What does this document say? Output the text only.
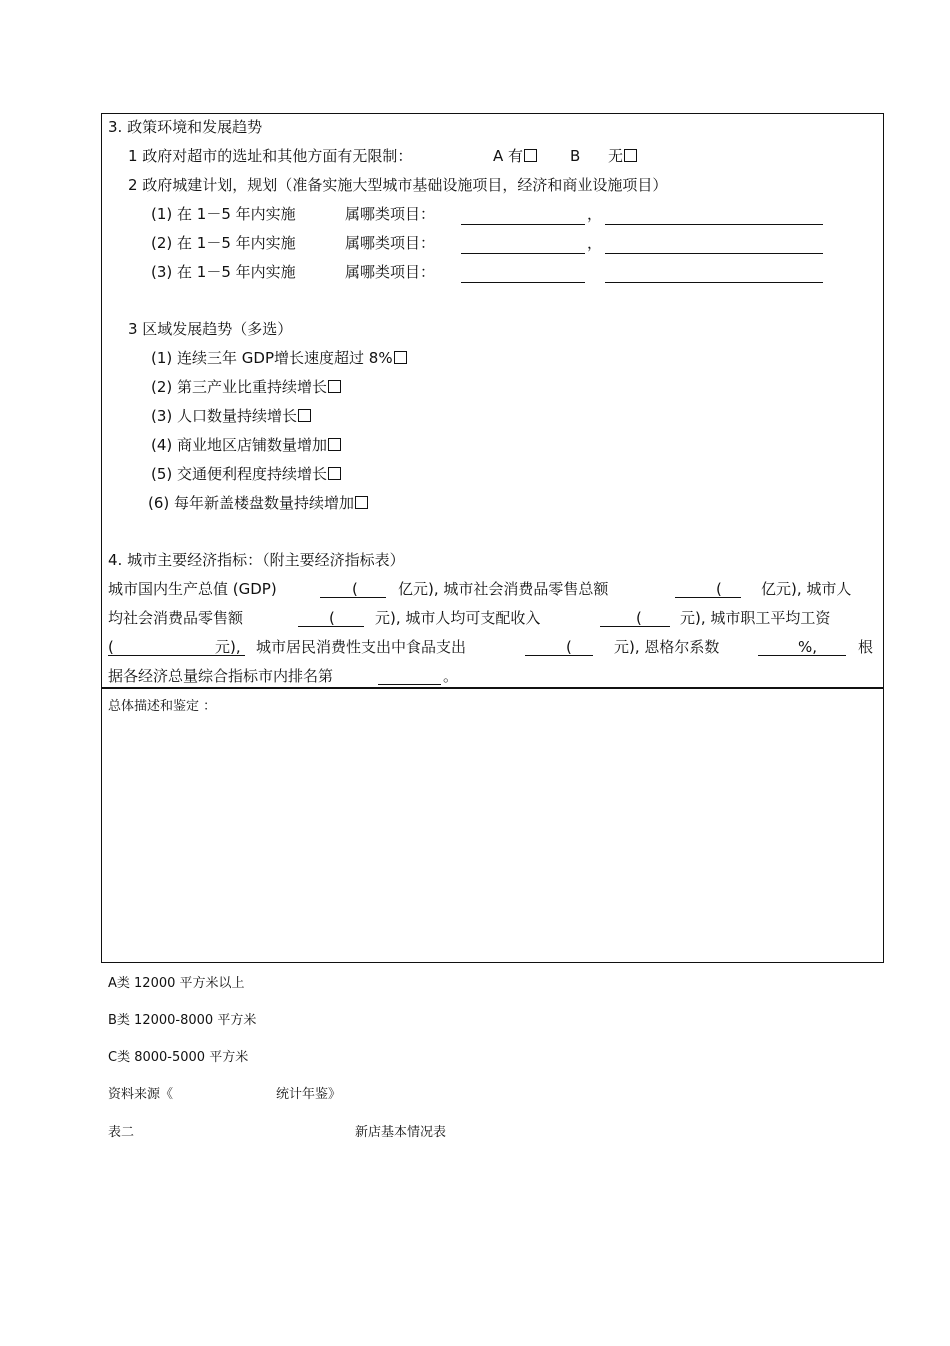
3. 政策环境和发展趋势
1 政府对超市的选址和其他方面有无限制：	A 有	B 无
2 政府城建计划，规划（准备实施大型城市基础设施项目，经济和商业设施项目）
(1) 在 1－5 年内实施	属哪类项目：	，
(2) 在 1－5 年内实施	属哪类项目：	，
(3) 在 1－5 年内实施	属哪类项目：
3 区域发展趋势（多选）
(1) 连续三年 GDP增长速度超过 8%
(2) 第三产业比重持续增长
(3) 人口数量持续增长
(4) 商业地区店铺数量增加
(5) 交通便利程度持续增长
(6) 每年新盖楼盘数量持续增加
4. 城市主要经济指标：（附主要经济指标表）
城市国内生产总值 (GDP)	(	亿元), 城市社会消费品零售总额	(	亿元), 城市人
均社会消费品零售额	(	元), 城市人均可支配收入	(	元), 城市职工平均工资
(	元), 城市居民消费性支出中食品支出	(	元), 恩格尔系数	%,	根
据各经济总量综合指标市内排名第	。
总体描述和鉴定 ：
A类 12000 平方米以上
B类 12000-8000 平方米
C类 8000-5000 平方米
资料来源《	统计年鉴》
表二	新店基本情况表
